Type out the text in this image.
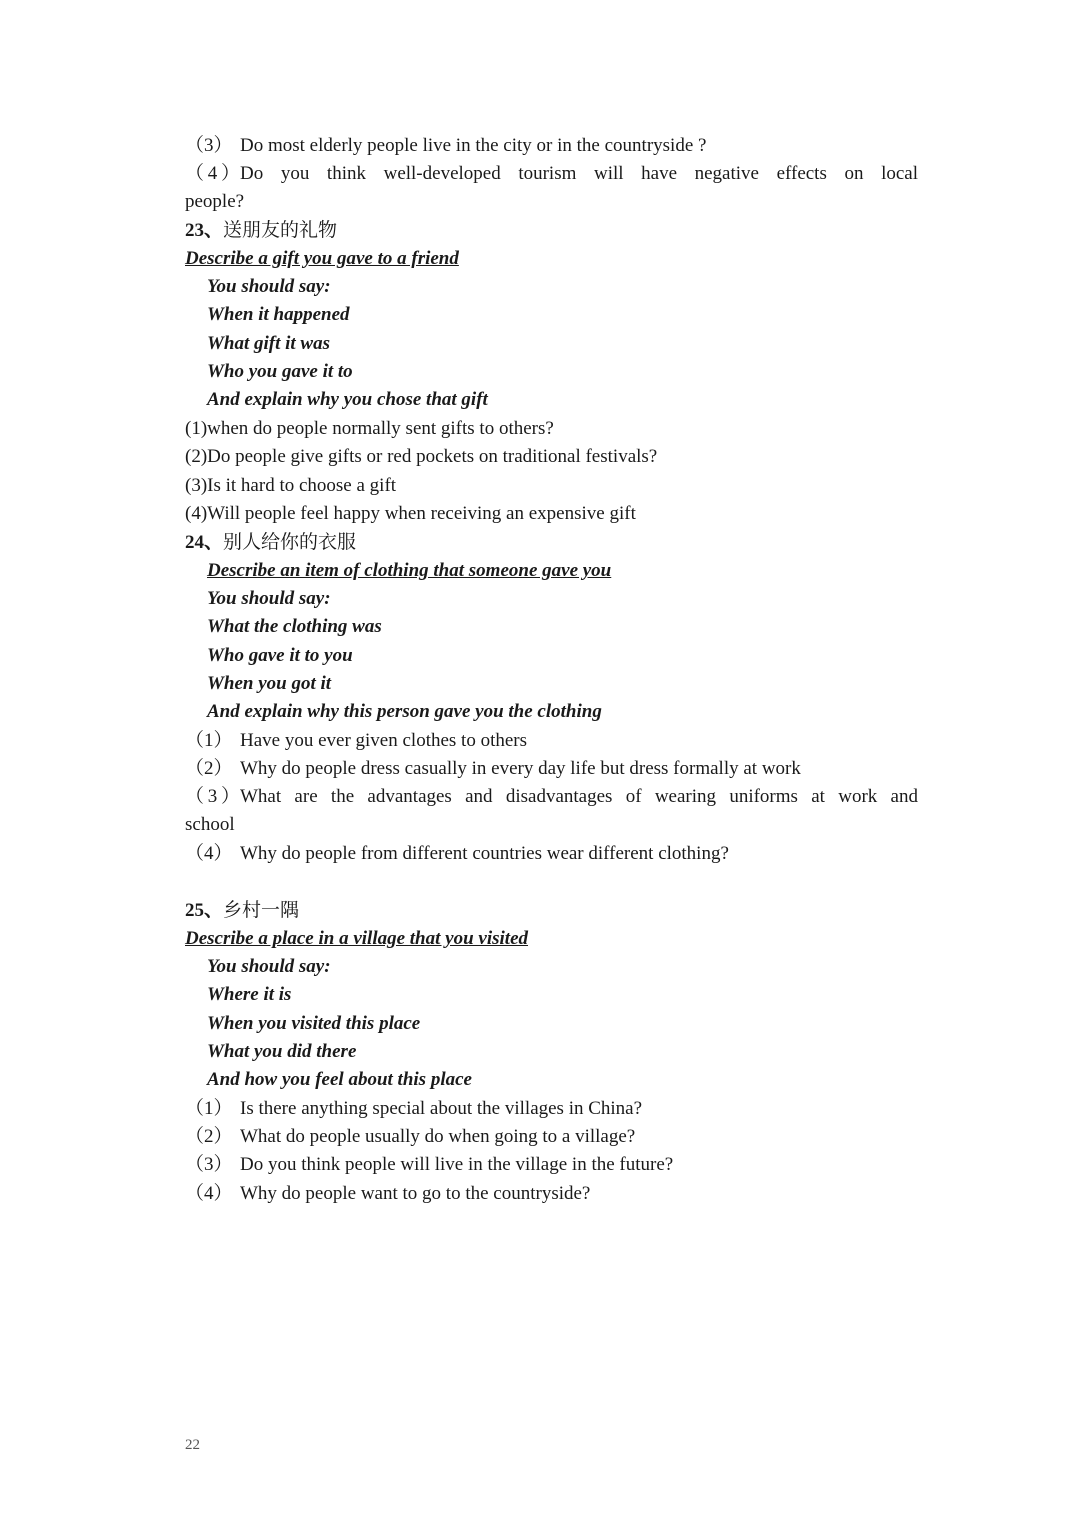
（3） Do most elderly people live in the city or in the countryside ?
（4）Do you think well-developed tourism will have negative effects on local
people?
23、送朋友的礼物
Describe a gift you gave to a friend
You should say:
When it happened
What gift it was
Who you gave it to
And explain why you chose that gift
(1)when do people normally sent gifts to others?
(2)Do people give gifts or red pockets on traditional festivals?
(3)Is it hard to choose a gift
(4)Will people feel happy when receiving an expensive gift
24、别人给你的衣服
Describe an item of clothing that someone gave you
You should say:
What the clothing was
Who gave it to you
When you got it
And explain why this person gave you the clothing
（1） Have you ever given clothes to others
（2） Why do people dress casually in every day life but dress formally at work
（3）What are the advantages and disadvantages of wearing uniforms at work and
school
（4） Why do people from different countries wear different clothing?
25、乡村一隅
Describe a place in a village that you visited
You should say:
Where it is
When you visited this place
What you did there
And how you feel about this place
（1） Is there anything special about the villages in China?
（2） What do people usually do when going to a village?
（3） Do you think people will live in the village in the future?
（4） Why do people want to go to the countryside?
22
